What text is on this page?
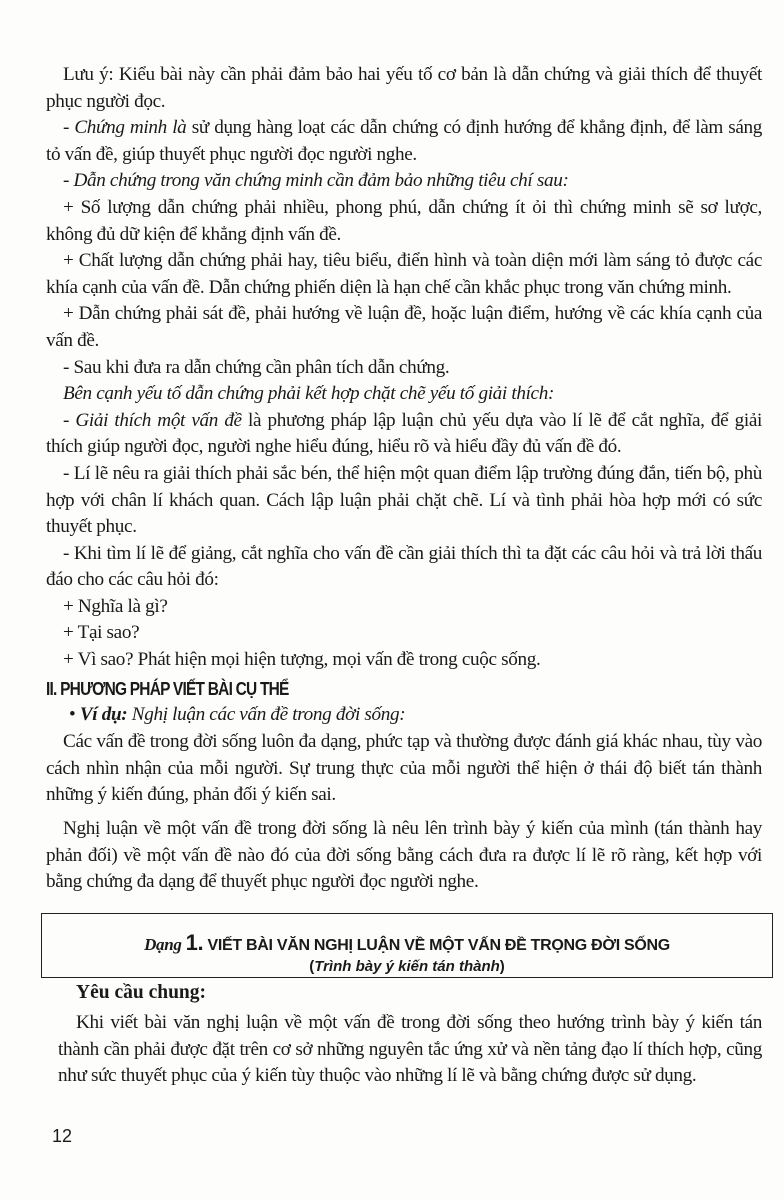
Lưu ý: Kiểu bài này cần phải đảm bảo hai yếu tố cơ bản là dẫn chứng và giải thích để thuyết phục người đọc.

- Chứng minh là sử dụng hàng loạt các dẫn chứng có định hướng để khẳng định, để làm sáng tỏ vấn đề, giúp thuyết phục người đọc người nghe.

- Dẫn chứng trong văn chứng minh cần đảm bảo những tiêu chí sau:

+ Số lượng dẫn chứng phải nhiều, phong phú, dẫn chứng ít ỏi thì chứng minh sẽ sơ lược, không đủ dữ kiện để khẳng định vấn đề.

+ Chất lượng dẫn chứng phải hay, tiêu biểu, điển hình và toàn diện mới làm sáng tỏ được các khía cạnh của vấn đề. Dẫn chứng phiến diện là hạn chế cần khắc phục trong văn chứng minh.

+ Dẫn chứng phải sát đề, phải hướng về luận đề, hoặc luận điểm, hướng về các khía cạnh của vấn đề.

- Sau khi đưa ra dẫn chứng cần phân tích dẫn chứng.

Bên cạnh yếu tố dẫn chứng phải kết hợp chặt chẽ yếu tố giải thích:

- Giải thích một vấn đề là phương pháp lập luận chủ yếu dựa vào lí lẽ để cắt nghĩa, để giải thích giúp người đọc, người nghe hiểu đúng, hiểu rõ và hiểu đầy đủ vấn đề đó.

- Lí lẽ nêu ra giải thích phải sắc bén, thể hiện một quan điểm lập trường đúng đắn, tiến bộ, phù hợp với chân lí khách quan. Cách lập luận phải chặt chẽ. Lí và tình phải hòa hợp mới có sức thuyết phục.

- Khi tìm lí lẽ để giảng, cắt nghĩa cho vấn đề cần giải thích thì ta đặt các câu hỏi và trả lời thấu đáo cho các câu hỏi đó:

+ Nghĩa là gì?

+ Tại sao?

+ Vì sao? Phát hiện mọi hiện tượng, mọi vấn đề trong cuộc sống.

II. PHƯƠNG PHÁP VIẾT BÀI CỤ THỂ

• Ví dụ: Nghị luận các vấn đề trong đời sống:

Các vấn đề trong đời sống luôn đa dạng, phức tạp và thường được đánh giá khác nhau, tùy vào cách nhìn nhận của mỗi người. Sự trung thực của mỗi người thể hiện ở thái độ biết tán thành những ý kiến đúng, phản đối ý kiến sai.

Nghị luận về một vấn đề trong đời sống là nêu lên trình bày ý kiến của mình (tán thành hay phản đối) về một vấn đề nào đó của đời sống bằng cách đưa ra được lí lẽ rõ ràng, kết hợp với bằng chứng đa dạng để thuyết phục người đọc người nghe.

Dạng 1. VIẾT BÀI VĂN NGHỊ LUẬN VỀ MỘT VẤN ĐỀ TRỌNG ĐỜI SỐNG
(Trình bày ý kiến tán thành)
Yêu cầu chung:

Khi viết bài văn nghị luận về một vấn đề trong đời sống theo hướng trình bày ý kiến tán thành cần phải được đặt trên cơ sở những nguyên tắc ứng xử và nền tảng đạo lí thích hợp, cũng như sức thuyết phục của ý kiến tùy thuộc vào những lí lẽ và bằng chứng được sử dụng.

12
